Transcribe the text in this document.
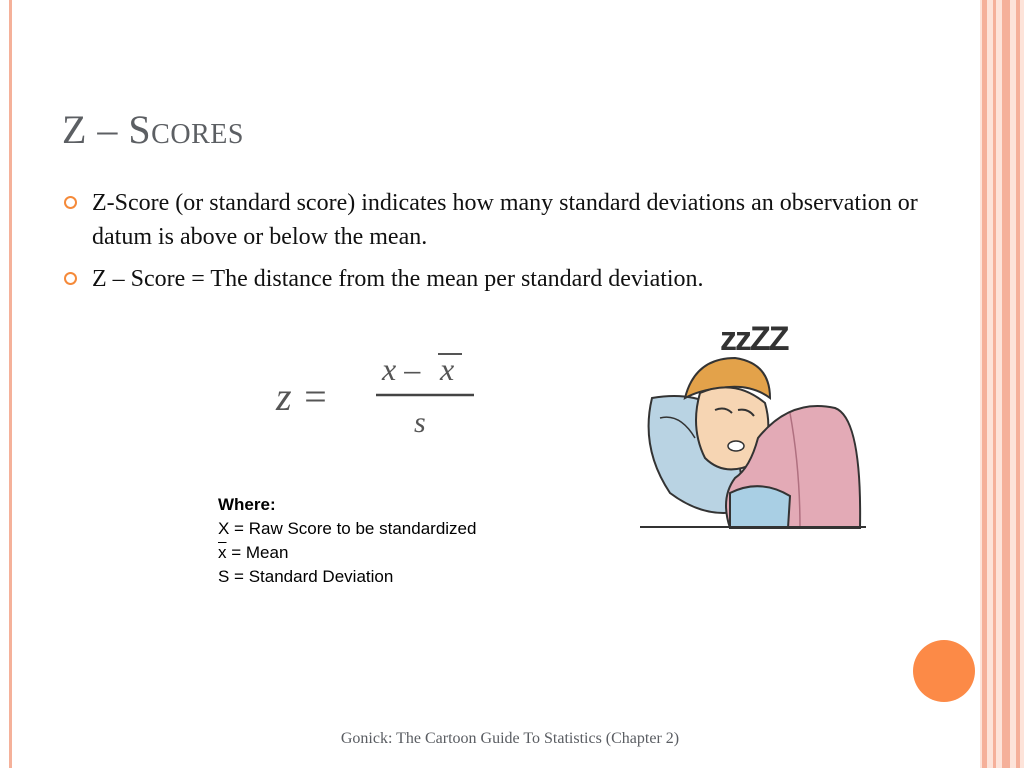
Z – Scores
Z-Score (or standard score) indicates how many standard deviations an observation or datum is above or below the mean.
Z – Score = The distance from the mean per standard deviation.
z =
x – x
s
Where:
X = Raw Score to be standardized
$\overline{x}$ = Mean
S = Standard Deviation
zzZZ
Gonick: The Cartoon Guide To Statistics (Chapter 2)
